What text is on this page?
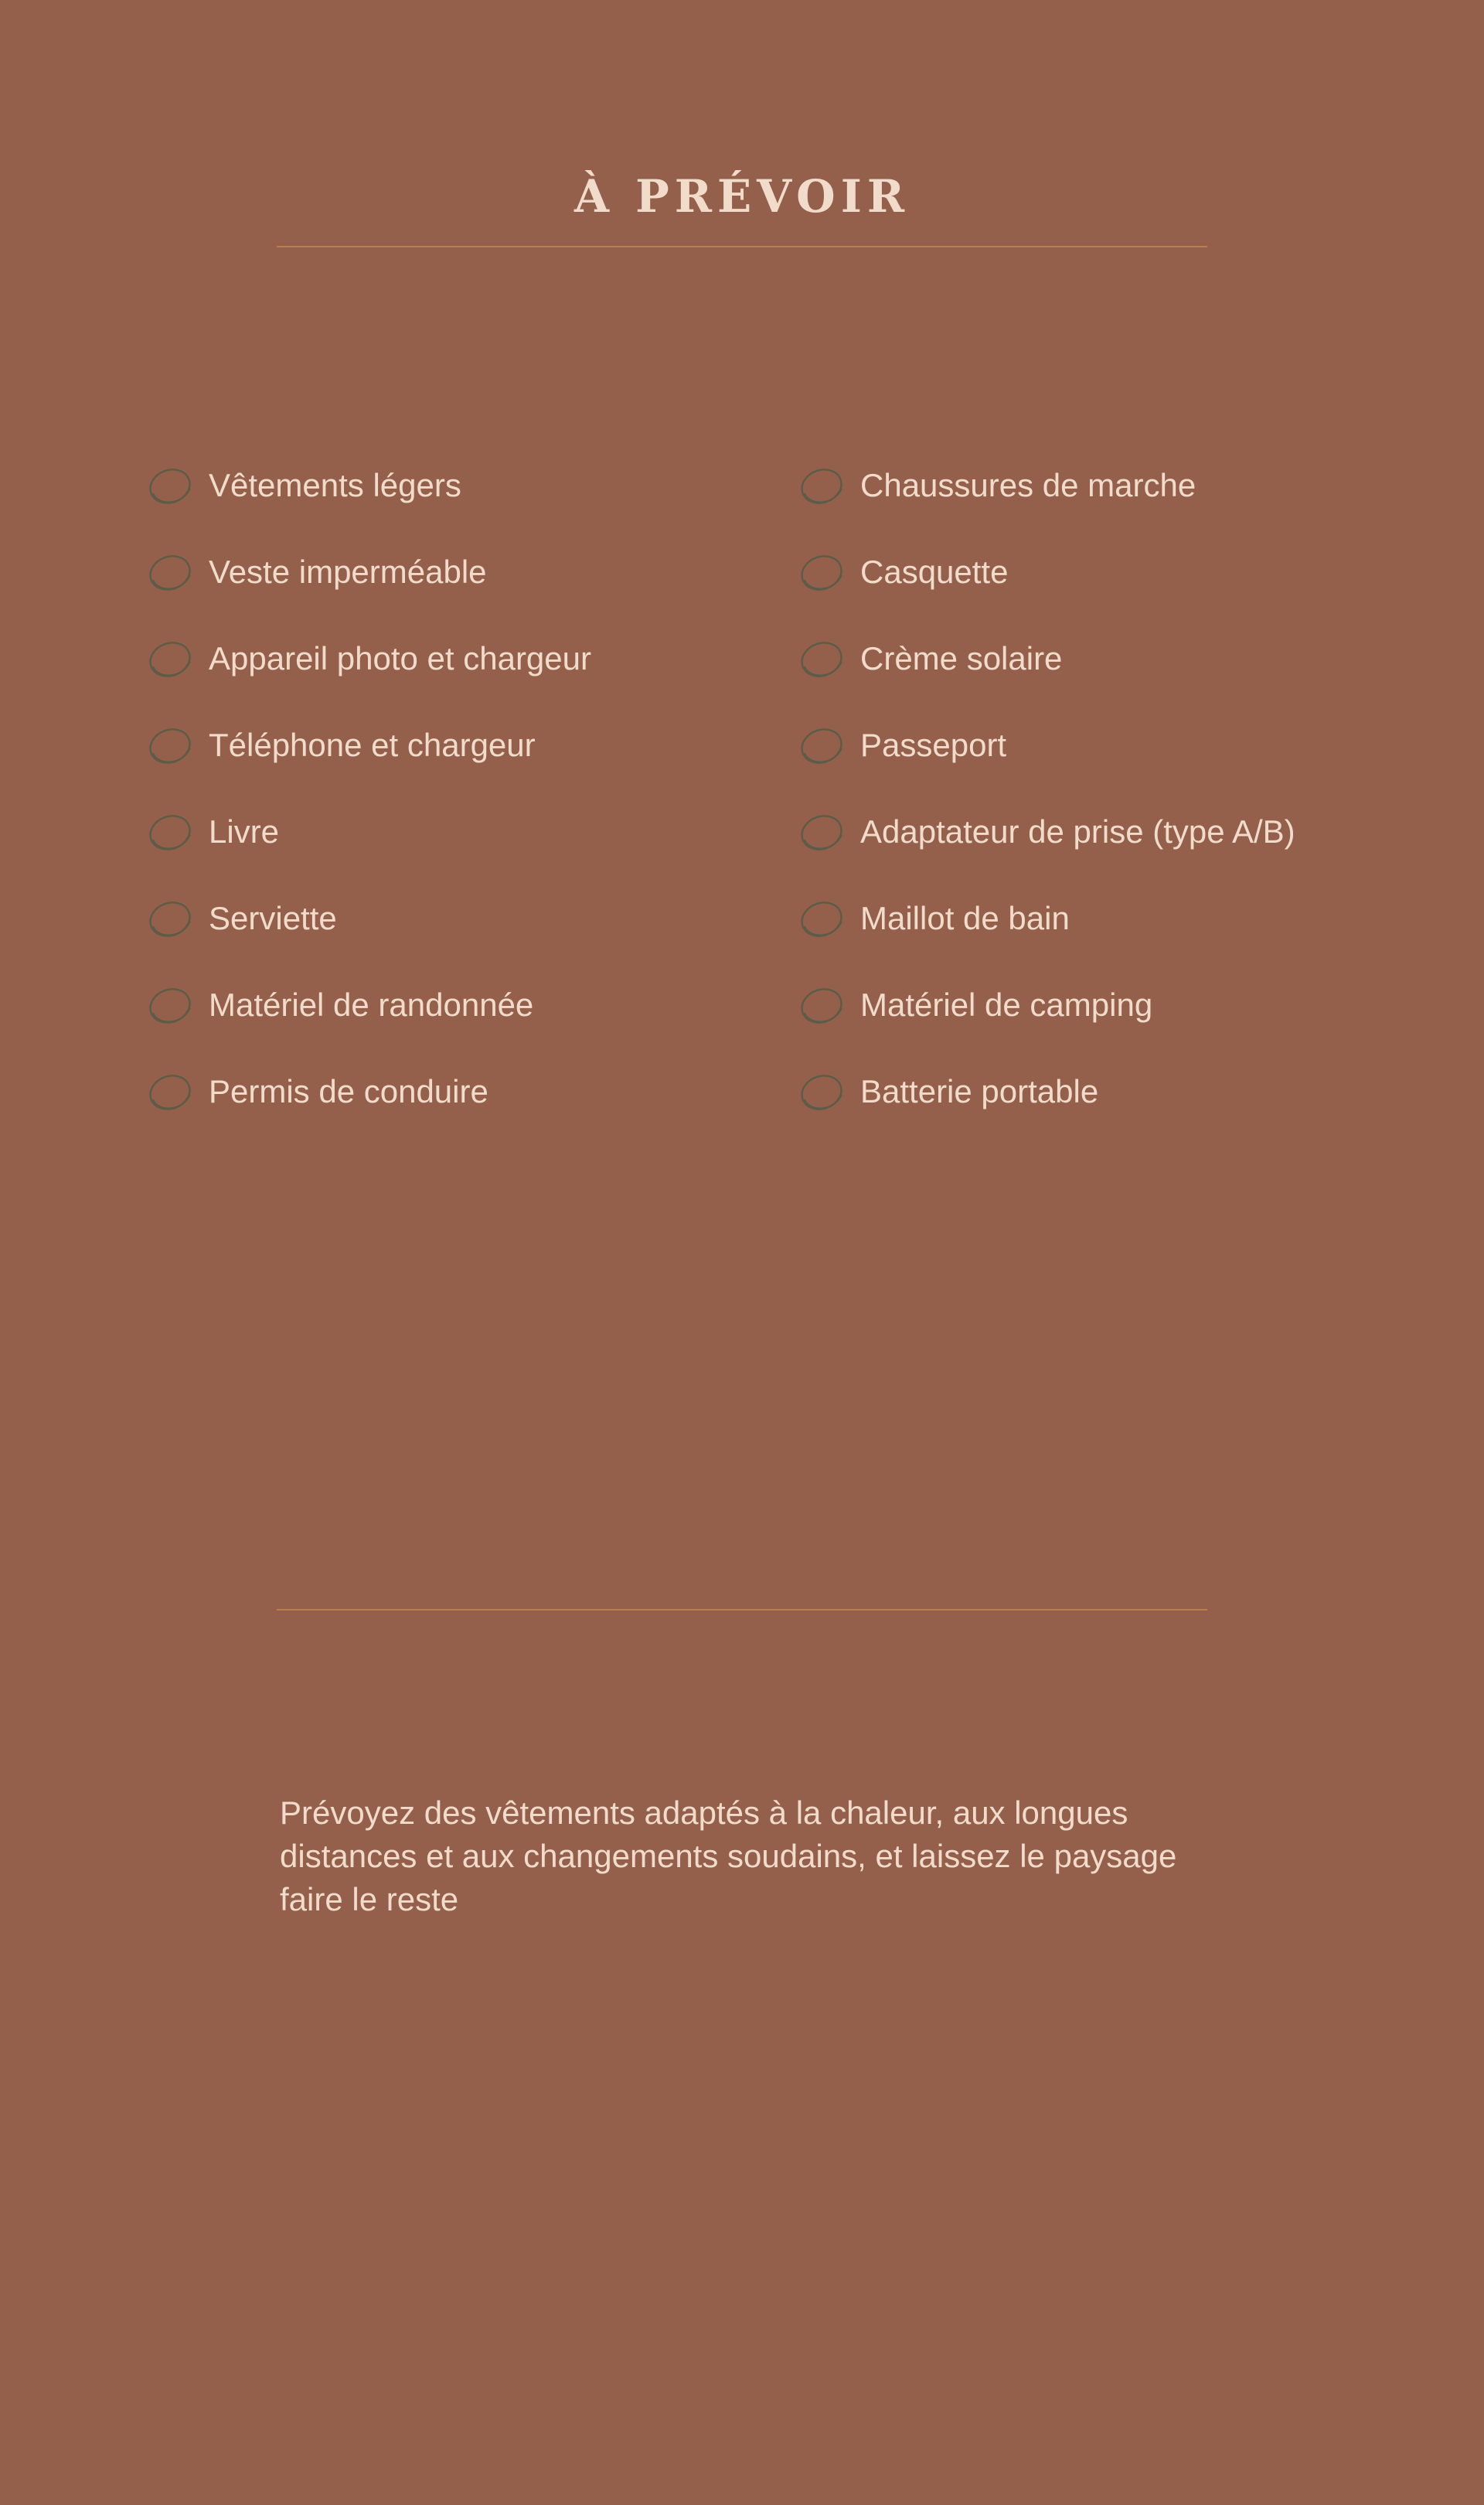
À PRÉVOIR
Vêtements légers
Veste imperméable
Appareil photo et chargeur
Téléphone et chargeur
Livre
Serviette
Matériel de randonnée
Permis de conduire
Chaussures de marche
Casquette
Crème solaire
Passeport
Adaptateur de prise (type A/B)
Maillot de bain
Matériel de camping
Batterie portable

Prévoyez des vêtements adaptés à la chaleur, aux longues distances et aux changements soudains, et laissez le paysage faire le reste
